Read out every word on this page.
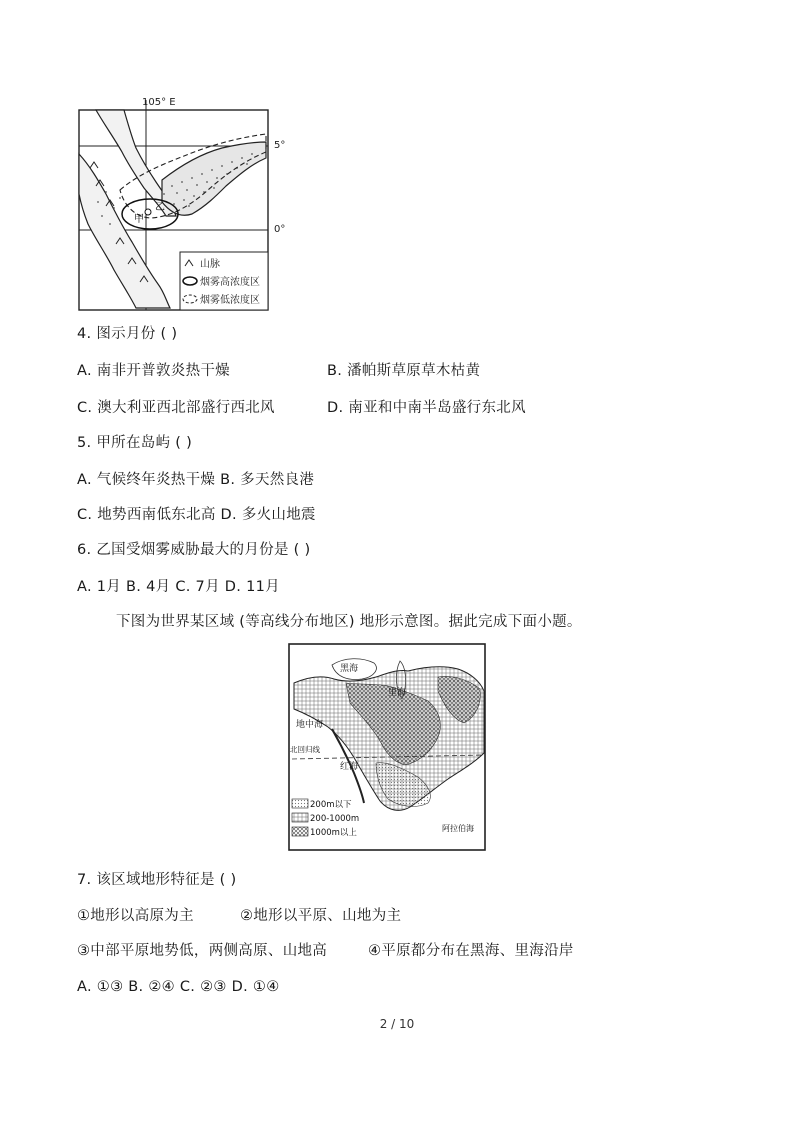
105° E
5°
0°
乙
甲
山脉
烟雾高浓度区
烟雾低浓度区
4. 图示月份 ( )
A. 南非开普敦炎热干燥	B. 潘帕斯草原草木枯黄
C. 澳大利亚西北部盛行西北风	D. 南亚和中南半岛盛行东北风
5. 甲所在岛屿 ( )
A. 气候终年炎热干燥 B. 多天然良港
C. 地势西南低东北高 D. 多火山地震
6. 乙国受烟雾威胁最大的月份是 ( )
A. 1月 B. 4月 C. 7月 D. 11月
下图为世界某区域 (等高线分布地区) 地形示意图。据此完成下面小题。
黑海
里海
地中海
红海
北回归线
阿拉伯海
200m以下
200-1000m
1000m以上
7. 该区域地形特征是 ( )
①地形以高原为主	②地形以平原、山地为主
③中部平原地势低，两侧高原、山地高	④平原都分布在黑海、里海沿岸
A. ①③ B. ②④ C. ②③ D. ①④
2 / 10
